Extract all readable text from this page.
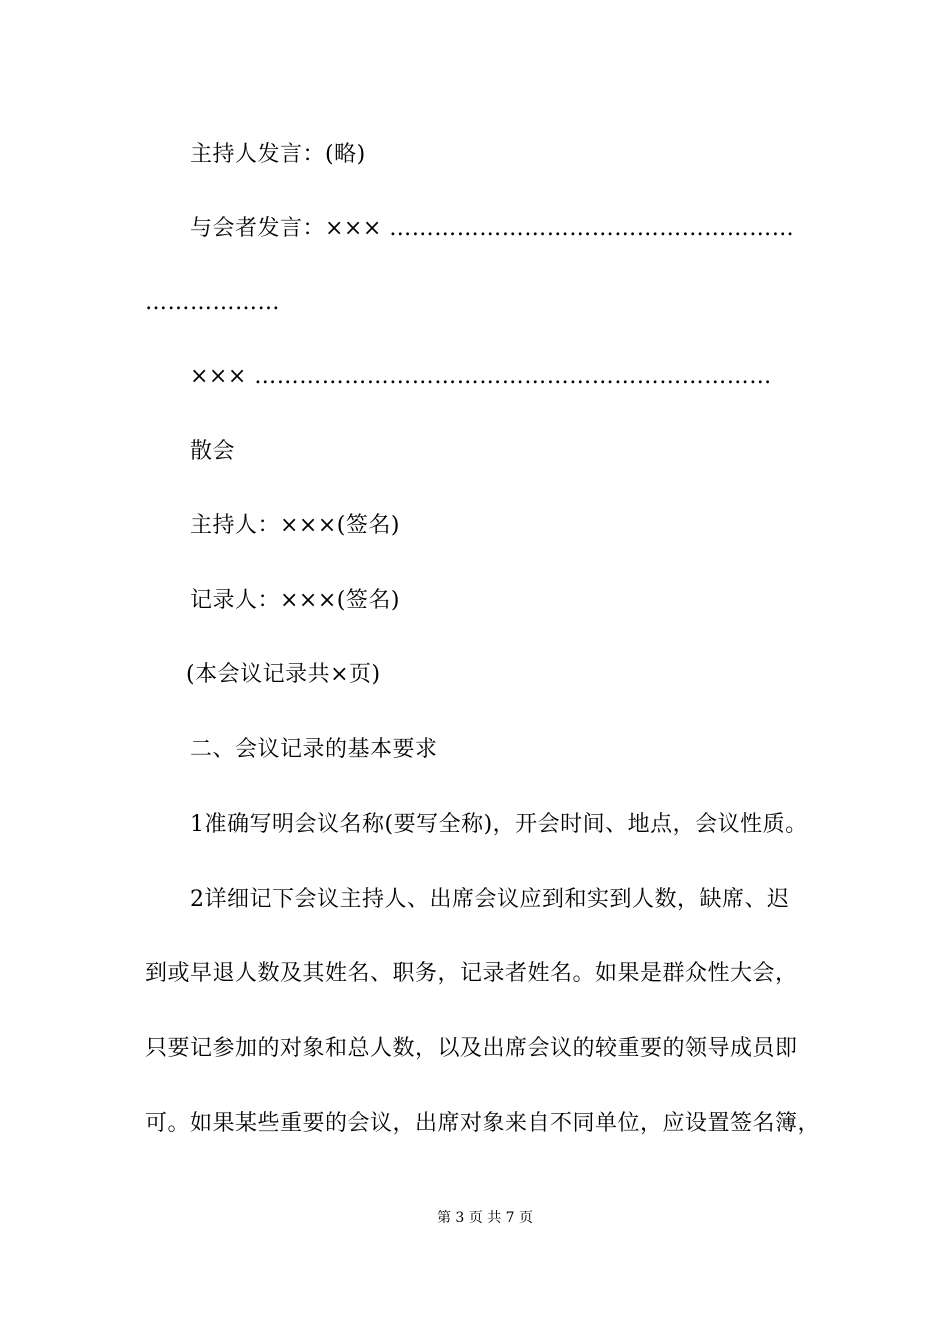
主持人发言：(略)
与会者发言：××× ………………………………………………
………………
××× ……………………………………………………………
散会
主持人：×××(签名)
记录人：×××(签名)
(本会议记录共×页)
二、会议记录的基本要求
1准确写明会议名称(要写全称)，开会时间、地点，会议性质。
2详细记下会议主持人、出席会议应到和实到人数，缺席、迟
到或早退人数及其姓名、职务，记录者姓名。如果是群众性大会，
只要记参加的对象和总人数，以及出席会议的较重要的领导成员即
可。如果某些重要的会议，出席对象来自不同单位，应设置签名簿，
第 3 页 共 7 页
